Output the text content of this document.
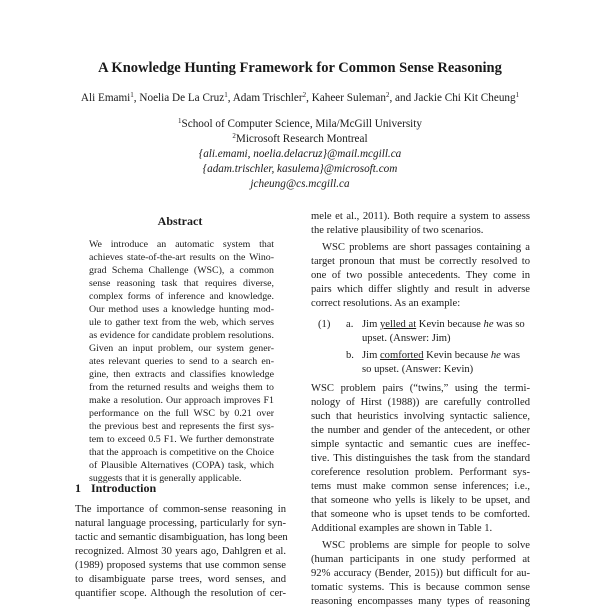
A Knowledge Hunting Framework for Common Sense Reasoning
Ali Emami$^1$, Noelia De La Cruz$^1$, Adam Trischler$^2$, Kaheer Suleman$^2$, and Jackie Chi Kit Cheung$^1$
$^1$School of Computer Science, Mila/McGill University
$^2$Microsoft Research Montreal
{ali.emami, noelia.delacruz}@mail.mcgill.ca
{adam.trischler, kasulema}@microsoft.com
jcheung@cs.mcgill.ca
Abstract
We introduce an automatic system that
achieves state-of-the-art results on the Wino-
grad Schema Challenge (WSC), a common
sense reasoning task that requires diverse,
complex forms of inference and knowledge.
Our method uses a knowledge hunting mod-
ule to gather text from the web, which serves
as evidence for candidate problem resolutions.
Given an input problem, our system gener-
ates relevant queries to send to a search en-
gine, then extracts and classifies knowledge
from the returned results and weighs them to
make a resolution. Our approach improves F1
performance on the full WSC by 0.21 over
the previous best and represents the first sys-
tem to exceed 0.5 F1. We further demonstrate
that the approach is competitive on the Choice
of Plausible Alternatives (COPA) task, which
suggests that it is generally applicable.
1 Introduction
The importance of common-sense reasoning in
natural language processing, particularly for syn-
tactic and semantic disambiguation, has long been
recognized. Almost 30 years ago, Dahlgren et al.
(1989) proposed systems that use common sense
to disambiguate parse trees, word senses, and
quantifier scope. Although the resolution of cer-
mele et al., 2011). Both require a system to assess
the relative plausibility of two scenarios.
WSC problems are short passages containing a
target pronoun that must be correctly resolved to
one of two possible antecedents. They come in
pairs which differ slightly and result in adverse
correct resolutions. As an example:
(1) a. Jim yelled at Kevin because he was so
upset. (Answer: Jim)
b. Jim comforted Kevin because he was
so upset. (Answer: Kevin)
WSC problem pairs (“twins,” using the termi-
nology of Hirst (1988)) are carefully controlled
such that heuristics involving syntactic salience,
the number and gender of the antecedent, or other
simple syntactic and semantic cues are ineffec-
tive. This distinguishes the task from the standard
coreference resolution problem. Performant sys-
tems must make common sense inferences; i.e.,
that someone who yells is likely to be upset, and
that someone who is upset tends to be comforted.
Additional examples are shown in Table 1.
WSC problems are simple for people to solve
(human participants in one study performed at
92% accuracy (Bender, 2015)) but difficult for au-
tomatic systems. This is because common sense
reasoning encompasses many types of reasoning
